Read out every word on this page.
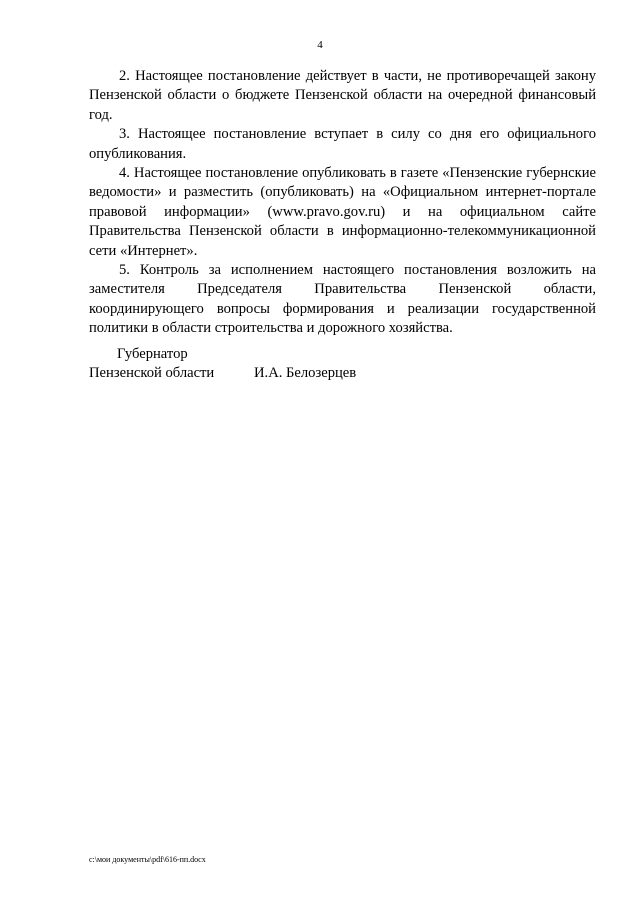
4

2. Настоящее постановление действует в части, не противоречащей закону Пензенской области о бюджете Пензенской области на очередной финансовый год.

3. Настоящее постановление вступает в силу со дня его официального опубликования.

4. Настоящее постановление опубликовать в газете «Пензенские губернские ведомости» и разместить (опубликовать) на «Официальном интернет-портале правовой информации» (www.pravo.gov.ru) и на официальном сайте Правительства Пензенской области в информационно-телекоммуникационной сети «Интернет».

5. Контроль за исполнением настоящего постановления возложить на заместителя Председателя Правительства Пензенской области, координирующего вопросы формирования и реализации государственной политики в области строительства и дорожного хозяйства.

Губернатор
Пензенской области	И.А. Белозерцев
c:\мои документы\pdf\616-пп.docx
